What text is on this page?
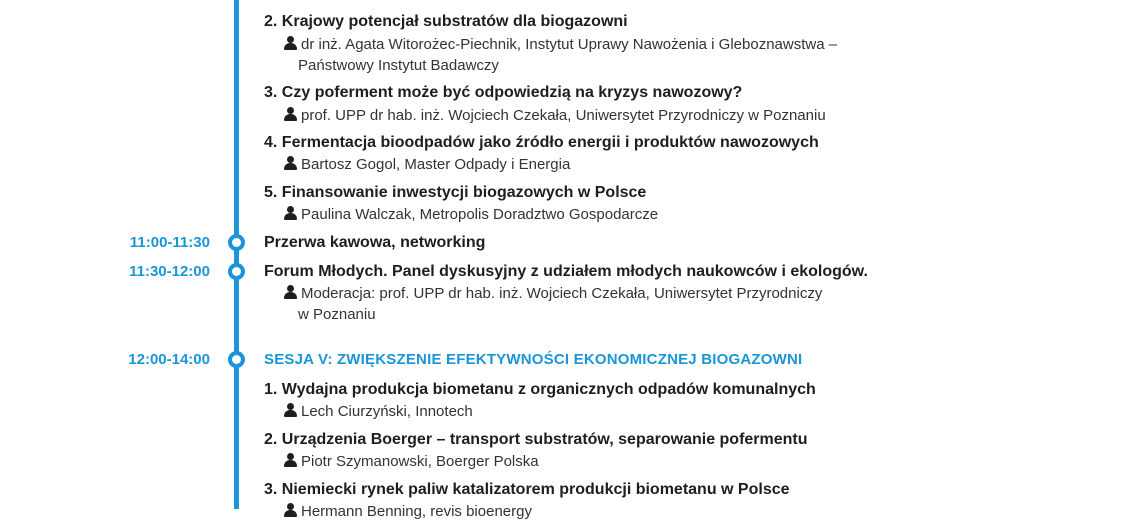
2. Krajowy potencjał substratów dla biogazowni
dr inż. Agata Witorożec-Piechnik, Instytut Uprawy Nawożenia i Gleboznawstwa –
Państwowy Instytut Badawczy
3. Czy poferment może być odpowiedzią na kryzys nawozowy?
prof. UPP dr hab. inż. Wojciech Czekała, Uniwersytet Przyrodniczy w Poznaniu
4. Fermentacja bioodpadów jako źródło energii i produktów nawozowych
Bartosz Gogol, Master Odpady i Energia
5. Finansowanie inwestycji biogazowych w Polsce
Paulina Walczak, Metropolis Doradztwo Gospodarcze
11:00-11:30	Przerwa kawowa, networking
11:30-12:00	Forum Młodych. Panel dyskusyjny z udziałem młodych naukowców i ekologów.
Moderacja: prof. UPP dr hab. inż. Wojciech Czekała, Uniwersytet Przyrodniczy
w Poznaniu
12:00-14:00	SESJA V: ZWIĘKSZENIE EFEKTYWNOŚCI EKONOMICZNEJ BIOGAZOWNI
1. Wydajna produkcja biometanu z organicznych odpadów komunalnych
Lech Ciurzyński, Innotech
2. Urządzenia Boerger – transport substratów, separowanie pofermentu
Piotr Szymanowski, Boerger Polska
3. Niemiecki rynek paliw katalizatorem produkcji biometanu w Polsce
Hermann Benning, revis bioenergy
